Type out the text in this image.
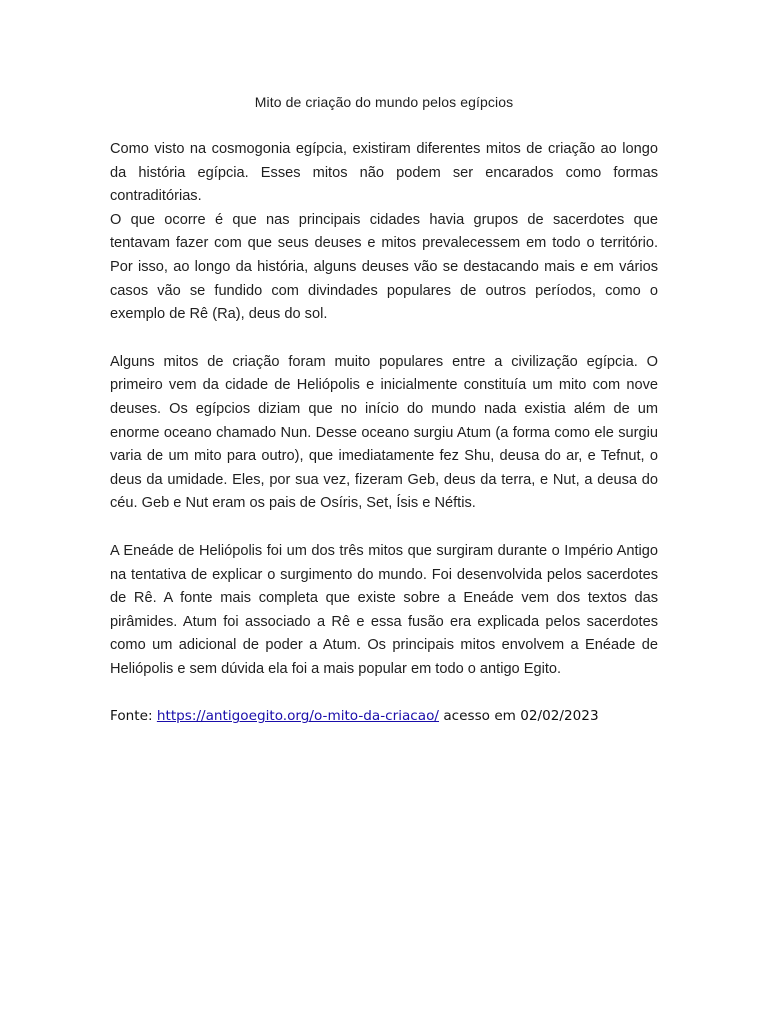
Mito de criação do mundo pelos egípcios

Como visto na cosmogonia egípcia, existiram diferentes mitos de criação ao longo da história egípcia. Esses mitos não podem ser encarados como formas contraditórias.

O que ocorre é que nas principais cidades havia grupos de sacerdotes que tentavam fazer com que seus deuses e mitos prevalecessem em todo o território. Por isso, ao longo da história, alguns deuses vão se destacando mais e em vários casos vão se fundido com divindades populares de outros períodos, como o exemplo de Rê (Ra), deus do sol.

Alguns mitos de criação foram muito populares entre a civilização egípcia. O primeiro vem da cidade de Heliópolis e inicialmente constituía um mito com nove deuses. Os egípcios diziam que no início do mundo nada existia além de um enorme oceano chamado Nun. Desse oceano surgiu Atum (a forma como ele surgiu varia de um mito para outro), que imediatamente fez Shu, deusa do ar, e Tefnut, o deus da umidade. Eles, por sua vez, fizeram Geb, deus da terra, e Nut, a deusa do céu. Geb e Nut eram os pais de Osíris, Set, Ísis e Néftis.

A Eneáde de Heliópolis foi um dos três mitos que surgiram durante o Império Antigo na tentativa de explicar o surgimento do mundo. Foi desenvolvida pelos sacerdotes de Rê. A fonte mais completa que existe sobre a Eneáde vem dos textos das pirâmides. Atum foi associado a Rê e essa fusão era explicada pelos sacerdotes como um adicional de poder a Atum. Os principais mitos envolvem a Enéade de Heliópolis e sem dúvida ela foi a mais popular em todo o antigo Egito.

Fonte: https://antigoegito.org/o-mito-da-criacao/ acesso em 02/02/2023
